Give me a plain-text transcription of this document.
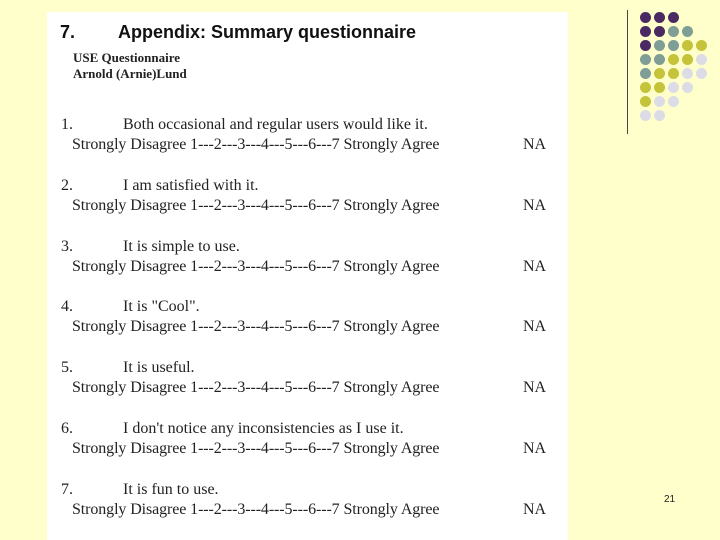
7. Appendix: Summary questionnaire
USE Questionnaire
Arnold (Arnie)Lund
1.	Both occasional and regular users would like it.
Strongly Disagree 1---2---3---4---5---6---7 Strongly Agree	NA
2.	I am satisfied with it.
Strongly Disagree 1---2---3---4---5---6---7 Strongly Agree	NA
3.	It is simple to use.
Strongly Disagree 1---2---3---4---5---6---7 Strongly Agree	NA
4.	It is "Cool".
Strongly Disagree 1---2---3---4---5---6---7 Strongly Agree	NA
5.	It is useful.
Strongly Disagree 1---2---3---4---5---6---7 Strongly Agree	NA
6.	I don't notice any inconsistencies as I use it.
Strongly Disagree 1---2---3---4---5---6---7 Strongly Agree	NA
7.	It is fun to use.
Strongly Disagree 1---2---3---4---5---6---7 Strongly Agree	NA
21
